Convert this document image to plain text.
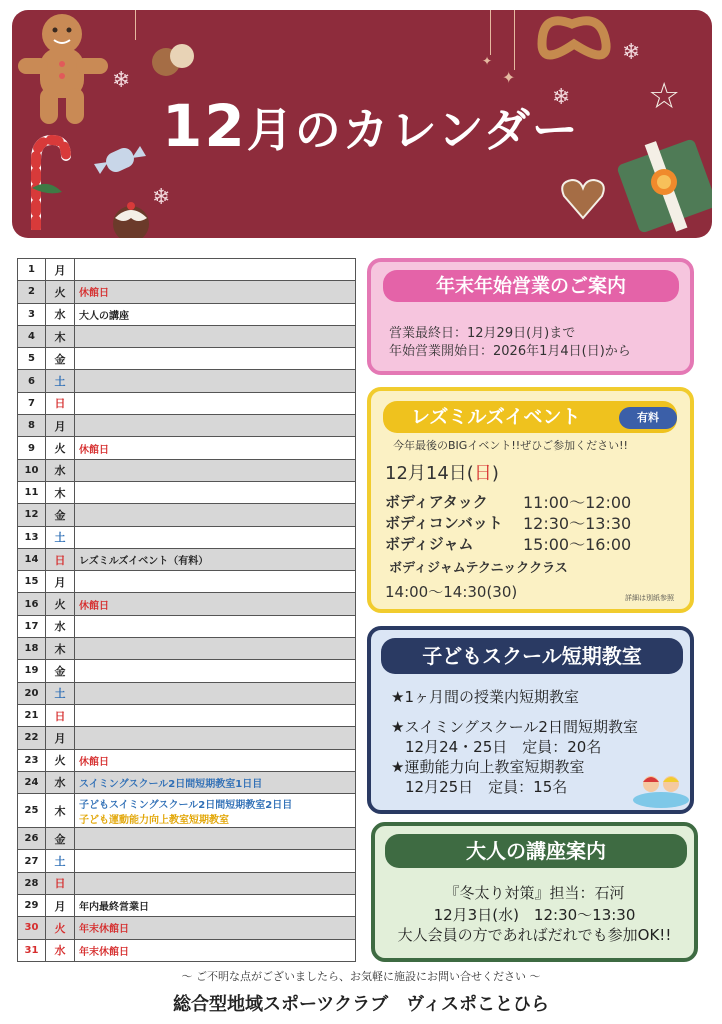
❄
❄
❄
❄
✦
✦
☆
12月のカレンダー
1	月	

2	火	休館日

3	水	大人の講座

4	木	

5	金	

6	土	

7	日	

8	月	

9	火	休館日

10	水	

11	木	

12	金	

13	土	

14	日	レズミルズイベント（有料）

15	月	

16	火	休館日

17	水	

18	木	

19	金	

20	土	

21	日	

22	月	

23	火	休館日

24	水	スイミングスクール2日間短期教室1日目

25	木	子どもスイミングスクール2日間短期教室2日目
子ども運動能力向上教室短期教室

26	金	

27	土	

28	日	

29	月	年内最終営業日

30	火	年末休館日

31	水	年末休館日
年末年始営業のご案内
営業最終日：12月29日(月)まで
年始営業開始日：2026年1月4日(日)から
レズミルズイベント	有料
今年最後のBIGイベント!!ぜひご参加ください!!
12月14日(日)
ボディアタック 11:00～12:00
ボディコンバット 12:30～13:30
ボディジャム	15:00～16:00
ボディジャムテクニッククラス
14:00～14:30(30)	詳細は別紙参照
子どもスクール短期教室
★1ヶ月間の授業内短期教室
★スイミングスクール2日間短期教室
12月24・25日　定員：20名
★運動能力向上教室短期教室
12月25日　定員：15名
大人の講座案内
『冬太り対策』担当：石河
12月3日(水)　12:30～13:30
大人会員の方であればだれでも参加OK!!
～ ご不明な点がございましたら、お気軽に施設にお問い合せください ～
総合型地域スポーツクラブ　ヴィスポことひら
